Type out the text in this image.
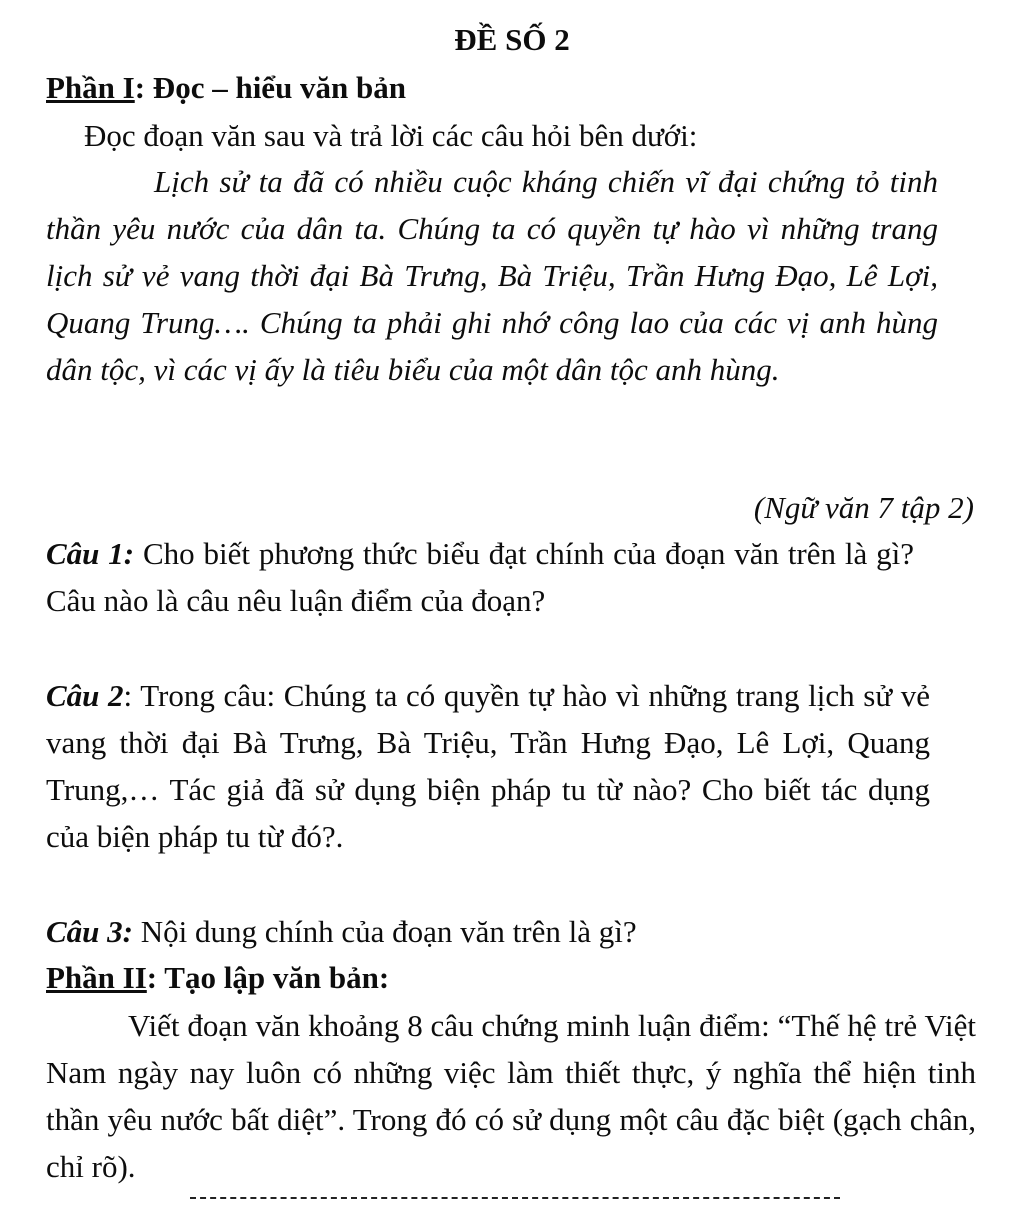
ĐỀ SỐ 2
Phần I: Đọc – hiểu văn bản
Đọc đoạn văn sau và trả lời các câu hỏi bên dưới:
Lịch sử ta đã có nhiều cuộc kháng chiến vĩ đại chứng tỏ tinh thần yêu nước của dân ta. Chúng ta có quyền tự hào vì những trang lịch sử vẻ vang thời đại Bà Trưng, Bà Triệu, Trần Hưng Đạo, Lê Lợi, Quang Trung…. Chúng ta phải ghi nhớ công lao của các vị anh hùng dân tộc, vì các vị ấy là tiêu biểu của một dân tộc anh hùng.
(Ngữ văn 7 tập 2)
Câu 1: Cho biết phương thức biểu đạt chính của đoạn văn trên là gì? Câu nào là câu nêu luận điểm của đoạn?
Câu 2: Trong câu: Chúng ta có quyền tự hào vì những trang lịch sử vẻ vang thời đại Bà Trưng, Bà Triệu, Trần Hưng Đạo, Lê Lợi, Quang Trung,… Tác giả đã sử dụng biện pháp tu từ nào? Cho biết tác dụng của biện pháp tu từ đó?.
Câu 3: Nội dung chính của đoạn văn trên là gì?
Phần II: Tạo lập văn bản:
Viết đoạn văn khoảng 8 câu chứng minh luận điểm: “Thế hệ trẻ Việt Nam ngày nay luôn có những việc làm thiết thực, ý nghĩa thể hiện tinh thần yêu nước bất diệt”. Trong đó có sử dụng một câu đặc biệt (gạch chân, chỉ rõ).
